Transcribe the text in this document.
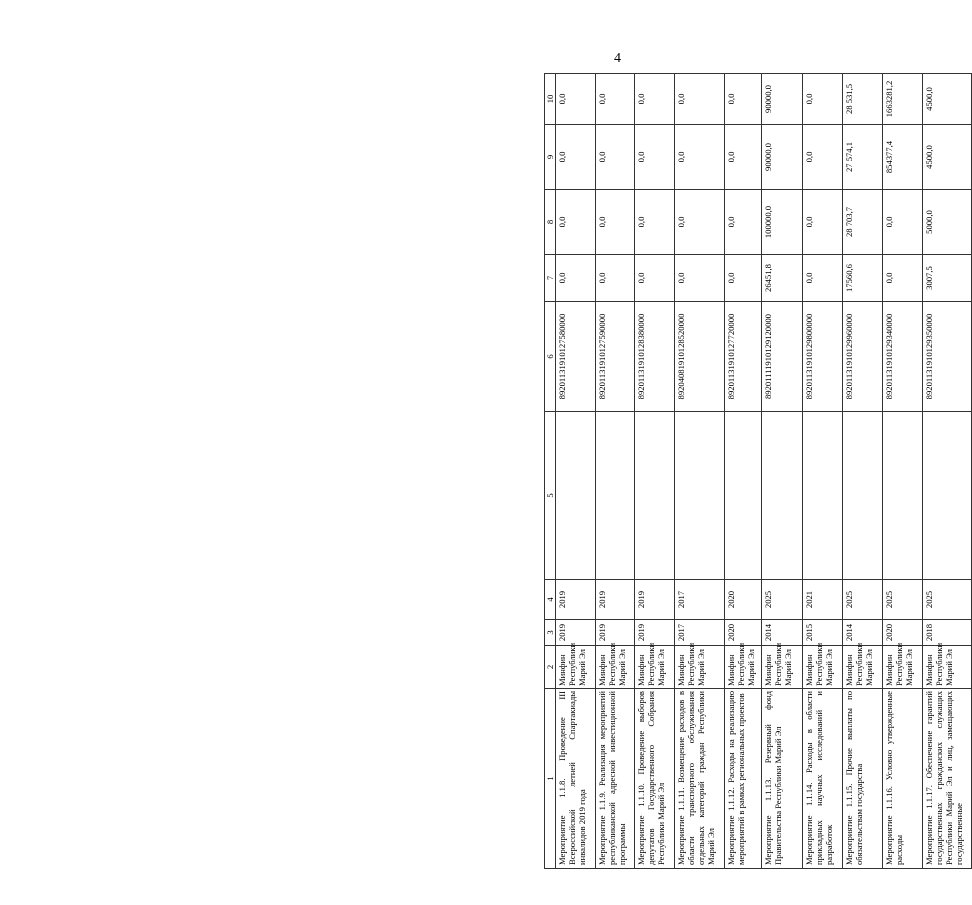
4
1	2	3	4	5	6	7	8	9	10
Мероприятие 1.1.8. Проведение III Всероссийской летней Спартакиады инвалидов 2019 года	Минфин Республики Марий Эл	2019	2019		89201131910127580000	0,0	0,0	0,0	0,0
Мероприятие 1.1.9. Реализация мероприятий республиканской адресной инвестиционной программы	Минфин Республики Марий Эл	2019	2019		89201131910127590000	0,0	0,0	0,0	0,0
Мероприятие 1.1.10. Проведение выборов депутатов Государственного Собрания Республики Марий Эл	Минфин Республики Марий Эл	2019	2019		89201131910128380000	0,0	0,0	0,0	0,0
Мероприятие 1.1.11. Возмещение расходов в области транспортного обслуживания отдельных категорий граждан Республики Марий Эл	Минфин Республики Марий Эл	2017	2017		89204081910128520000	0,0	0,0	0,0	0,0
Мероприятие 1.1.12. Расходы на реализацию мероприятий в рамках региональных проектов	Минфин Республики Марий Эл	2020	2020		89201131910127720000	0,0	0,0	0,0	0,0
Мероприятие 1.1.13. Резервный фонд Правительства Республики Марий Эл	Минфин Республики Марий Эл	2014	2025		89201111910129120000	26451,8	100000,0	90000,0	90000,0
Мероприятие 1.1.14. Расходы в области прикладных научных исследований и разработок	Минфин Республики Марий Эл	2015	2021		89201131910129800000	0,0	0,0	0,0	0,0
Мероприятие 1.1.15. Прочие выплаты по обязательствам государства	Минфин Республики Марий Эл	2014	2025		89201131910129960000	17560,6	28 703,7	27 574,1	28 531,5
Мероприятие 1.1.16. Условно утвержденные расходы	Минфин Республики Марий Эл	2020	2025		89201131910129340000	0,0	0,0	854377,4	1663281,2
Мероприятие 1.1.17. Обеспечение гарантий государственных гражданских служащих Республики Марий Эл и лиц, замещающих государственные	Минфин Республики Марий Эл	2018	2025		89201131910129350000	3007,5	5000,0	4500,0	4500,0
